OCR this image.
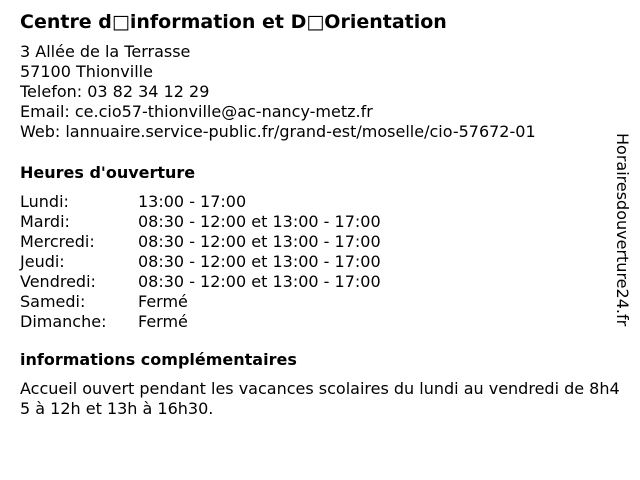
Centre d□information et D□Orientation
3 Allée de la Terrasse
57100 Thionville
Telefon: 03 82 34 12 29
Email: ce.cio57-thionville@ac-nancy-metz.fr
Web: lannuaire.service-public.fr/grand-est/moselle/cio-57672-01
Heures d'ouverture
Lundi:	13:00 - 17:00
Mardi:	08:30 - 12:00 et 13:00 - 17:00
Mercredi:	08:30 - 12:00 et 13:00 - 17:00
Jeudi:	08:30 - 12:00 et 13:00 - 17:00
Vendredi:	08:30 - 12:00 et 13:00 - 17:00
Samedi:	Fermé
Dimanche:	Fermé
informations complémentaires
Accueil ouvert pendant les vacances scolaires du lundi au vendredi de 8h45 à 12h et 13h à 16h30.
Horairesdouverture24.fr
